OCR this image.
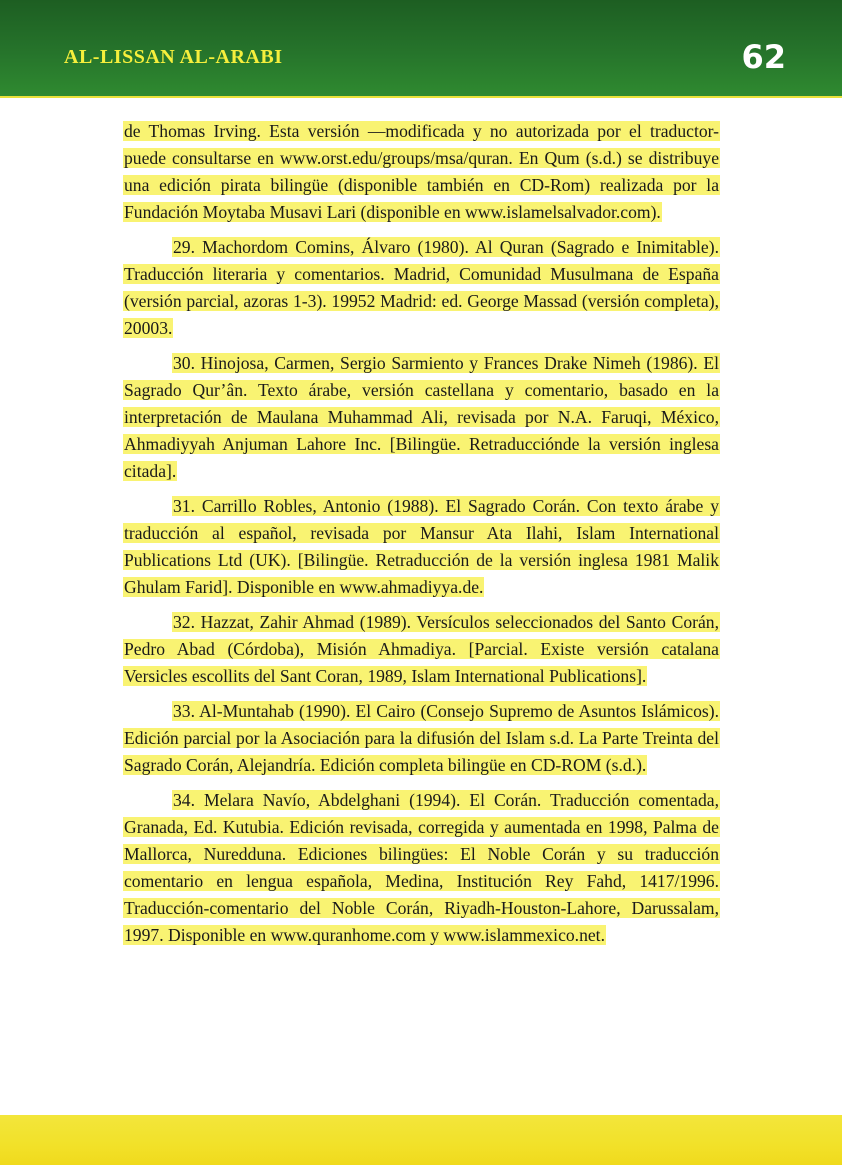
AL-LISSAN AL-ARABI	62

de Thomas Irving. Esta versión —modificada y no autorizada por el traductor- puede consultarse en www.orst.edu/groups/msa/quran. En Qum (s.d.) se distribuye una edición pirata bilingüe (disponible también en CD-Rom) realizada por la Fundación Moytaba Musavi Lari (disponible en www.islamelsalvador.com).

29. Machordom Comins, Álvaro (1980). Al Quran (Sagrado e Inimitable). Traducción literaria y comentarios. Madrid, Comunidad Musulmana de España (versión parcial, azoras 1-3). 19952 Madrid: ed. George Massad (versión completa), 20003.

30. Hinojosa, Carmen, Sergio Sarmiento y Frances Drake Nimeh (1986). El Sagrado Qur’ân. Texto árabe, versión castellana y comentario, basado en la interpretación de Maulana Muhammad Ali, revisada por N.A. Faruqi, México, Ahmadiyyah Anjuman Lahore Inc. [Bilingüe. Retraducciónde la versión inglesa citada].

31. Carrillo Robles, Antonio (1988). El Sagrado Corán. Con texto árabe y traducción al español, revisada por Mansur Ata Ilahi, Islam International Publications Ltd (UK). [Bilingüe. Retraducción de la versión inglesa 1981 Malik Ghulam Farid]. Disponible en www.ahmadiyya.de.

32. Hazzat, Zahir Ahmad (1989). Versículos seleccionados del Santo Corán, Pedro Abad (Córdoba), Misión Ahmadiya. [Parcial. Existe versión catalana Versicles escollits del Sant Coran, 1989, Islam International Publications].

33. Al-Muntahab (1990). El Cairo (Consejo Supremo de Asuntos Islámicos). Edición parcial por la Asociación para la difusión del Islam s.d. La Parte Treinta del Sagrado Corán, Alejandría. Edición completa bilingüe en CD-ROM (s.d.).

34. Melara Navío, Abdelghani (1994). El Corán. Traducción comentada, Granada, Ed. Kutubia. Edición revisada, corregida y aumentada en 1998, Palma de Mallorca, Nuredduna. Ediciones bilingües: El Noble Corán y su traducción comentario en lengua española, Medina, Institución Rey Fahd, 1417/1996. Traducción-comentario del Noble Corán, Riyadh-Houston-Lahore, Darussalam, 1997. Disponible en www.quranhome.com y www.islammexico.net.
